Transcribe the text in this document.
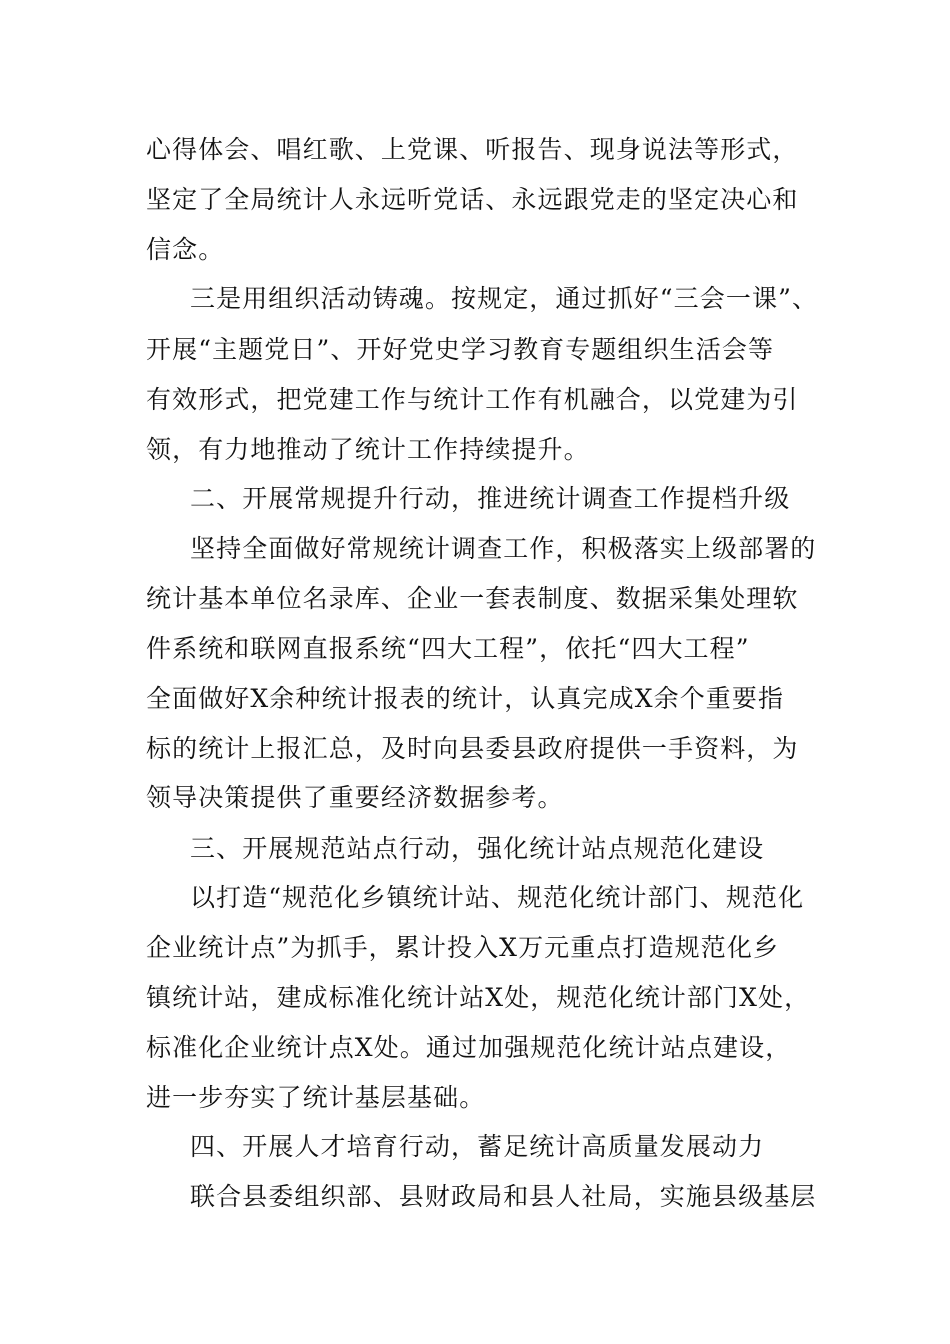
心得体会、唱红歌、上党课、听报告、现身说法等形式，
坚定了全局统计人永远听党话、永远跟党走的坚定决心和
信念。
三是用组织活动铸魂。按规定，通过抓好“三会一课”、
开展“主题党日”、开好党史学习教育专题组织生活会等
有效形式，把党建工作与统计工作有机融合，以党建为引
领，有力地推动了统计工作持续提升。
二、开展常规提升行动，推进统计调查工作提档升级
坚持全面做好常规统计调查工作，积极落实上级部署的
统计基本单位名录库、企业一套表制度、数据采集处理软
件系统和联网直报系统“四大工程”，依托“四大工程”
全面做好X余种统计报表的统计，认真完成X余个重要指
标的统计上报汇总，及时向县委县政府提供一手资料，为
领导决策提供了重要经济数据参考。
三、开展规范站点行动，强化统计站点规范化建设
以打造“规范化乡镇统计站、规范化统计部门、规范化
企业统计点”为抓手，累计投入X万元重点打造规范化乡
镇统计站，建成标准化统计站X处，规范化统计部门X处，
标准化企业统计点X处。通过加强规范化统计站点建设，
进一步夯实了统计基层基础。
四、开展人才培育行动，蓄足统计高质量发展动力
联合县委组织部、县财政局和县人社局，实施县级基层
